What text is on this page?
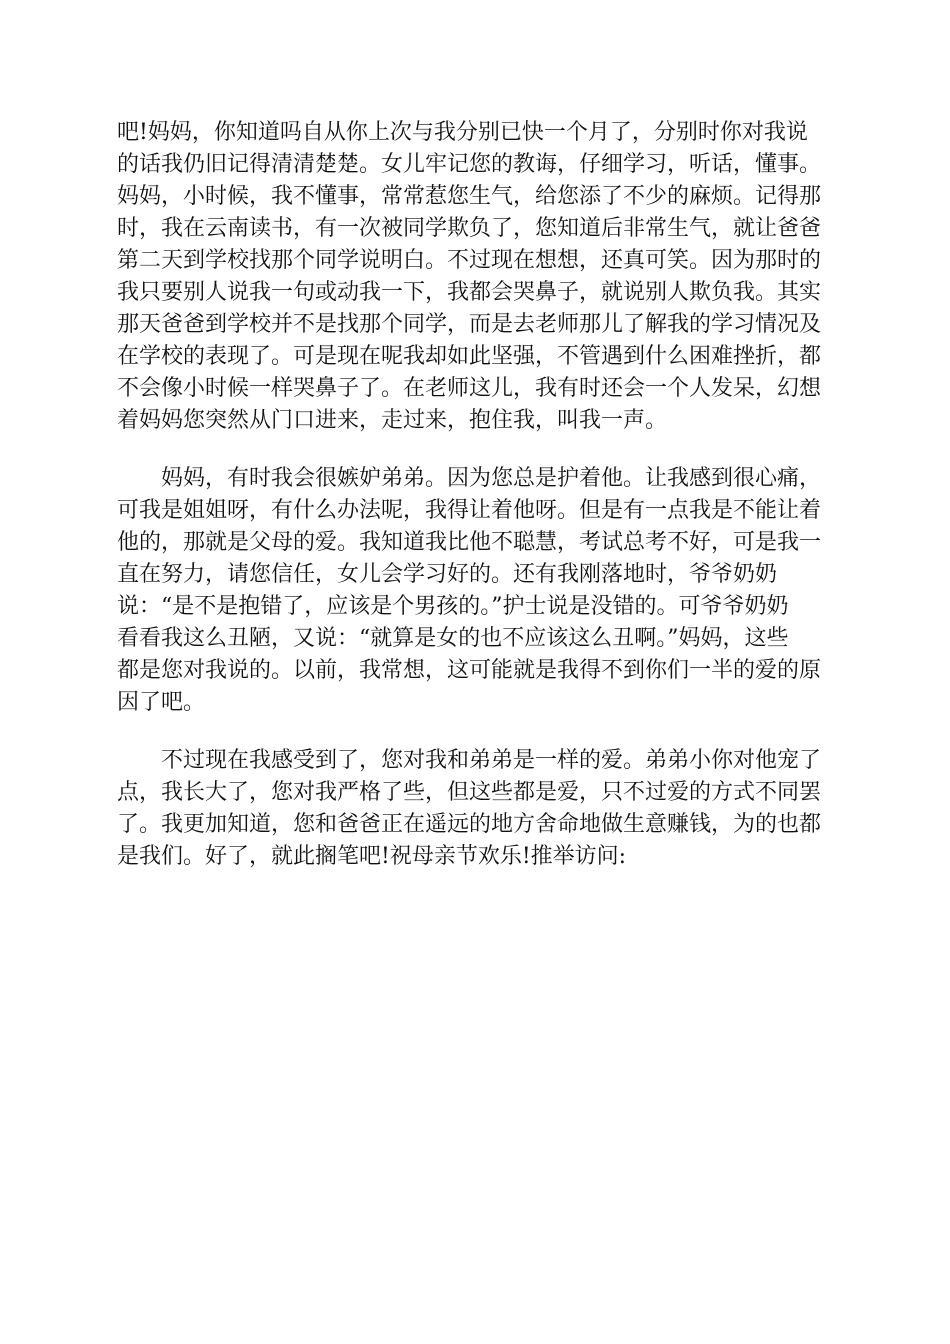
吧!妈妈，你知道吗自从你上次与我分别已快一个月了，分别时你对我说

的话我仍旧记得清清楚楚。女儿牢记您的教诲，仔细学习，听话，懂事。

妈妈，小时候，我不懂事，常常惹您生气，给您添了不少的麻烦。记得那

时，我在云南读书，有一次被同学欺负了，您知道后非常生气，就让爸爸

第二天到学校找那个同学说明白。不过现在想想，还真可笑。因为那时的

我只要别人说我一句或动我一下，我都会哭鼻子，就说别人欺负我。其实

那天爸爸到学校并不是找那个同学，而是去老师那儿了解我的学习情况及

在学校的表现了。可是现在呢我却如此坚强，不管遇到什么困难挫折，都

不会像小时候一样哭鼻子了。在老师这儿，我有时还会一个人发呆，幻想

着妈妈您突然从门口进来，走过来，抱住我，叫我一声。

妈妈，有时我会很嫉妒弟弟。因为您总是护着他。让我感到很心痛，

可我是姐姐呀，有什么办法呢，我得让着他呀。但是有一点我是不能让着

他的，那就是父母的爱。我知道我比他不聪慧，考试总考不好，可是我一

直在努力，请您信任，女儿会学习好的。还有我刚落地时，爷爷奶奶

说：“是不是抱错了，应该是个男孩的。”护士说是没错的。可爷爷奶奶

看看我这么丑陋，又说：“就算是女的也不应该这么丑啊。”妈妈，这些

都是您对我说的。以前，我常想，这可能就是我得不到你们一半的爱的原

因了吧。

不过现在我感受到了，您对我和弟弟是一样的爱。弟弟小你对他宠了

点，我长大了，您对我严格了些，但这些都是爱，只不过爱的方式不同罢

了。我更加知道，您和爸爸正在遥远的地方舍命地做生意赚钱，为的也都

是我们。好了，就此搁笔吧!祝母亲节欢乐!推举访问:
